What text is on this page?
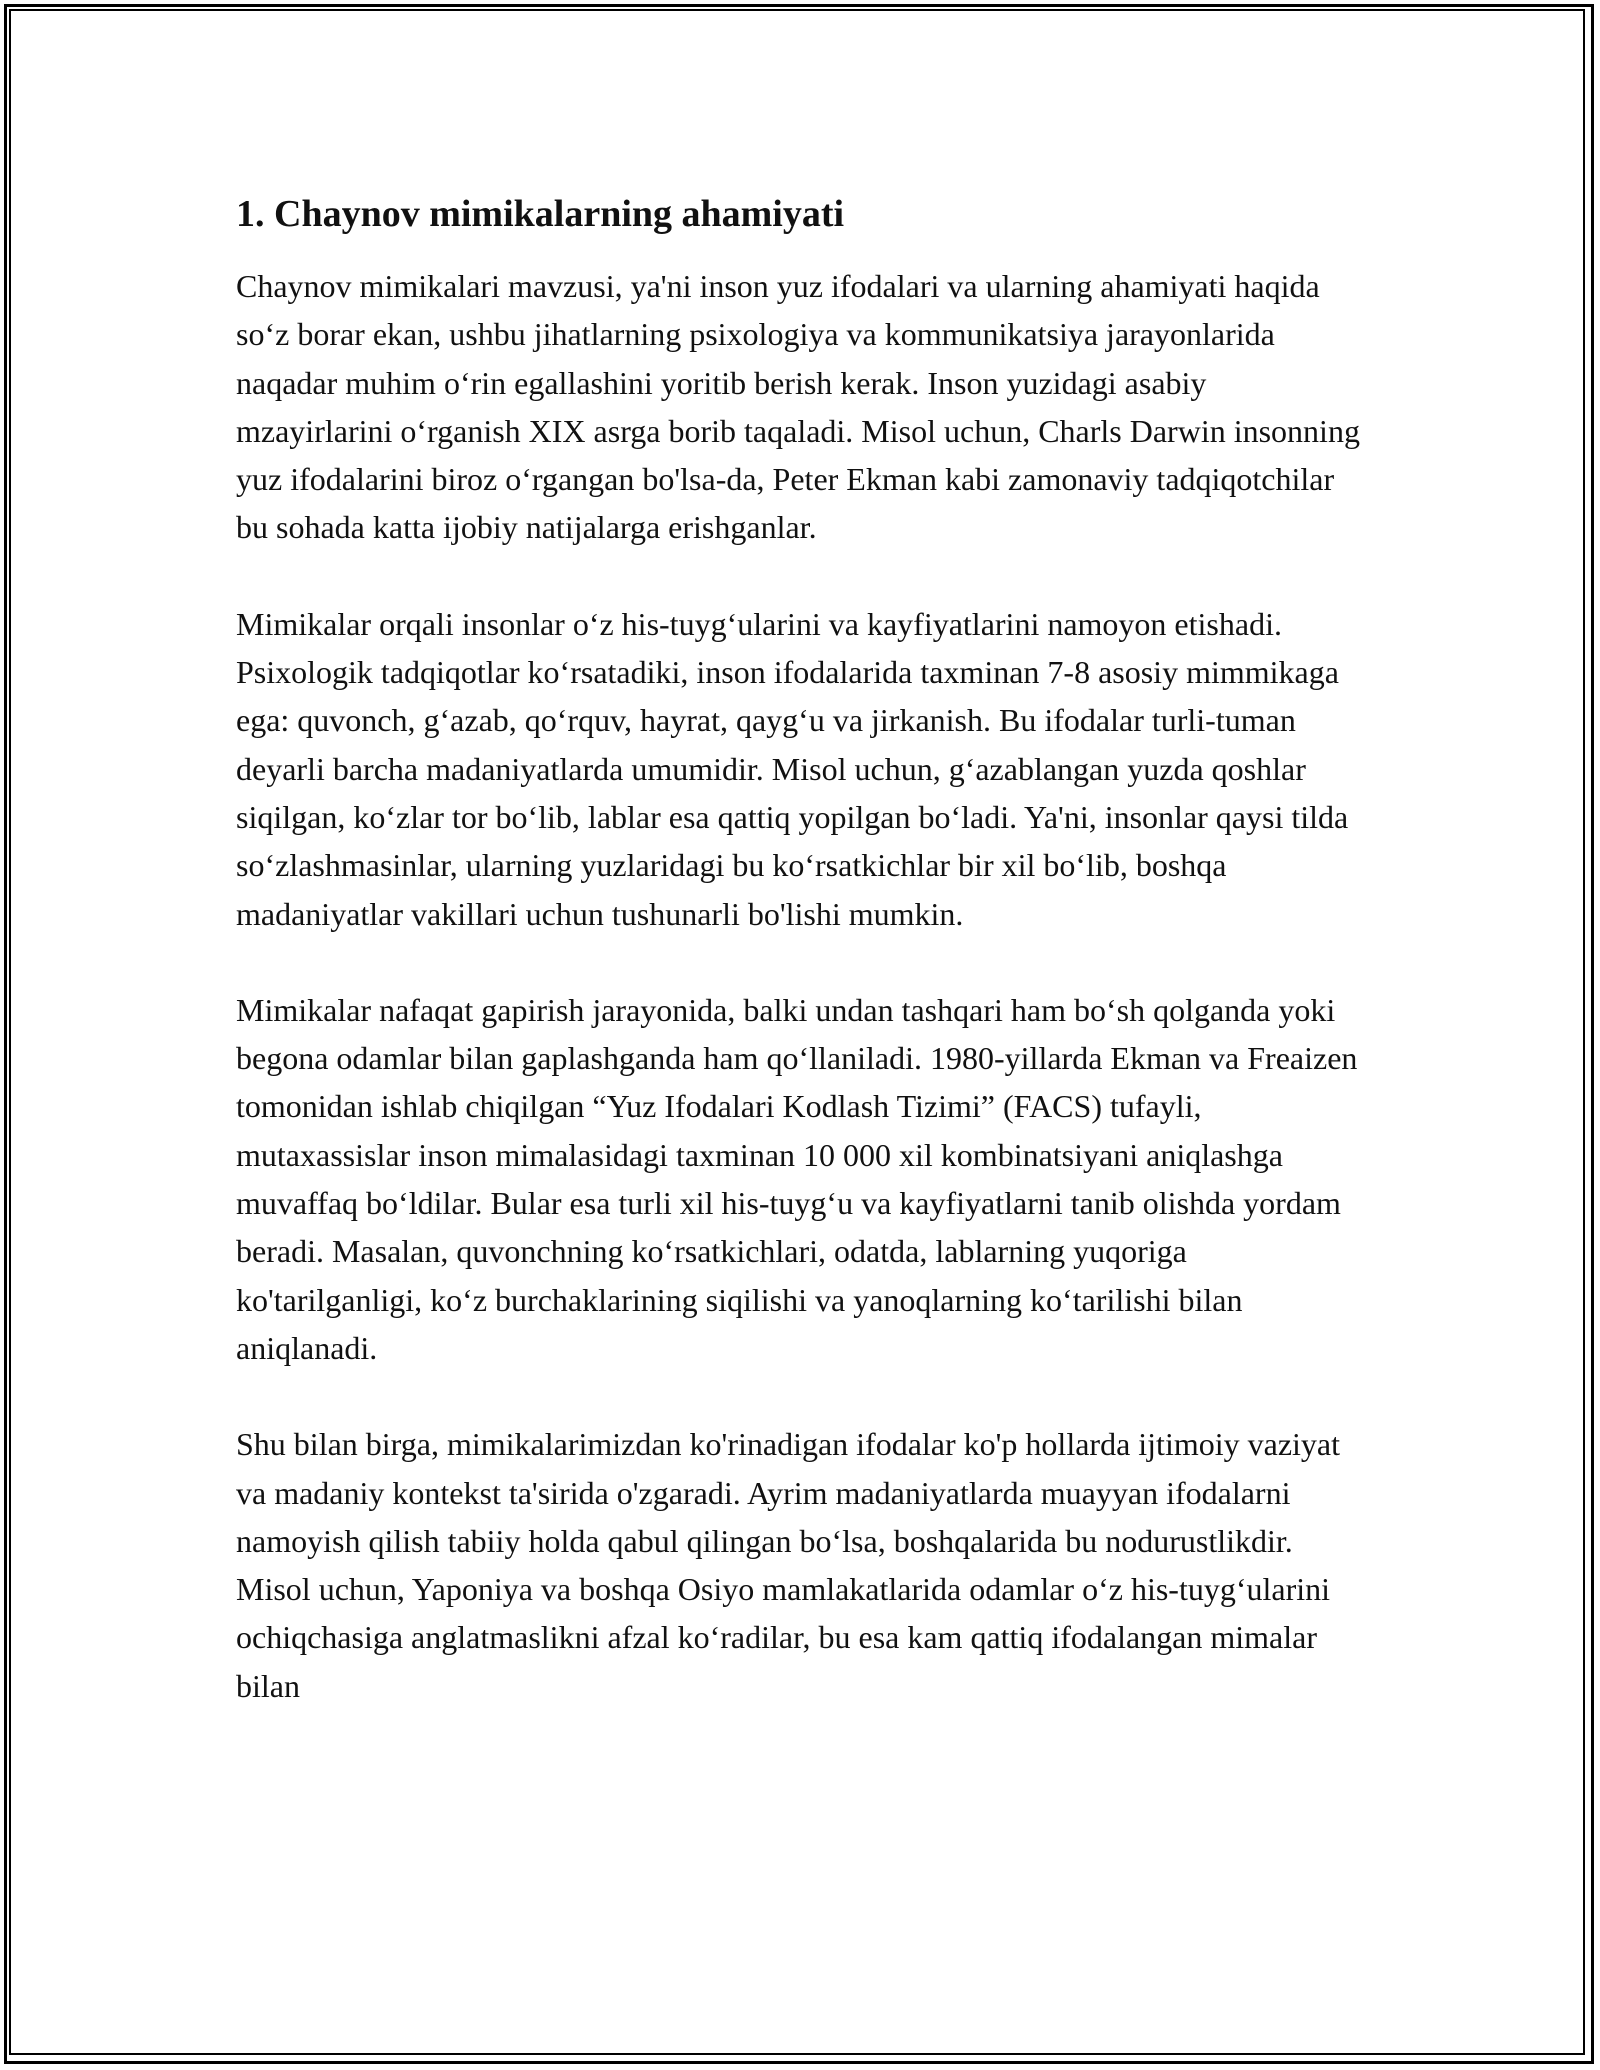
1. Chaynov mimikalarning ahamiyati

Chaynov mimikalari mavzusi, ya'ni inson yuz ifodalari va ularning ahamiyati haqida so‘z borar ekan, ushbu jihatlarning psixologiya va kommunikatsiya jarayonlarida naqadar muhim o‘rin egallashini yoritib berish kerak. Inson yuzidagi asabiy mzayirlarini o‘rganish XIX asrga borib taqaladi. Misol uchun, Charls Darwin insonning yuz ifodalarini biroz o‘rgangan bo'lsa-da, Peter Ekman kabi zamonaviy tadqiqotchilar bu sohada katta ijobiy natijalarga erishganlar.

Mimikalar orqali insonlar o‘z his-tuyg‘ularini va kayfiyatlarini namoyon etishadi. Psixologik tadqiqotlar ko‘rsatadiki, inson ifodalarida taxminan 7-8 asosiy mimmikaga ega: quvonch, g‘azab, qo‘rquv, hayrat, qayg‘u va jirkanish. Bu ifodalar turli-tuman deyarli barcha madaniyatlarda umumidir. Misol uchun, g‘azablangan yuzda qoshlar siqilgan, ko‘zlar tor bo‘lib, lablar esa qattiq yopilgan bo‘ladi. Ya'ni, insonlar qaysi tilda so‘zlashmasinlar, ularning yuzlaridagi bu ko‘rsatkichlar bir xil bo‘lib, boshqa madaniyatlar vakillari uchun tushunarli bo'lishi mumkin.

Mimikalar nafaqat gapirish jarayonida, balki undan tashqari ham bo‘sh qolganda yoki begona odamlar bilan gaplashganda ham qo‘llaniladi. 1980-yillarda Ekman va Freaizen tomonidan ishlab chiqilgan “Yuz Ifodalari Kodlash Tizimi” (FACS) tufayli, mutaxassislar inson mimalasidagi taxminan 10 000 xil kombinatsiyani aniqlashga muvaffaq bo‘ldilar. Bular esa turli xil his-tuyg‘u va kayfiyatlarni tanib olishda yordam beradi. Masalan, quvonchning ko‘rsatkichlari, odatda, lablarning yuqoriga ko'tarilganligi, ko‘z burchaklarining siqilishi va yanoqlarning ko‘tarilishi bilan aniqlanadi.

Shu bilan birga, mimikalarimizdan ko'rinadigan ifodalar ko'p hollarda ijtimoiy vaziyat va madaniy kontekst ta'sirida o'zgaradi. Ayrim madaniyatlarda muayyan ifodalarni namoyish qilish tabiiy holda qabul qilingan bo‘lsa, boshqalarida bu nodurustlikdir. Misol uchun, Yaponiya va boshqa Osiyo mamlakatlarida odamlar o‘z his-tuyg‘ularini ochiqchasiga anglatmaslikni afzal ko‘radilar, bu esa kam qattiq ifodalangan mimalar bilan
